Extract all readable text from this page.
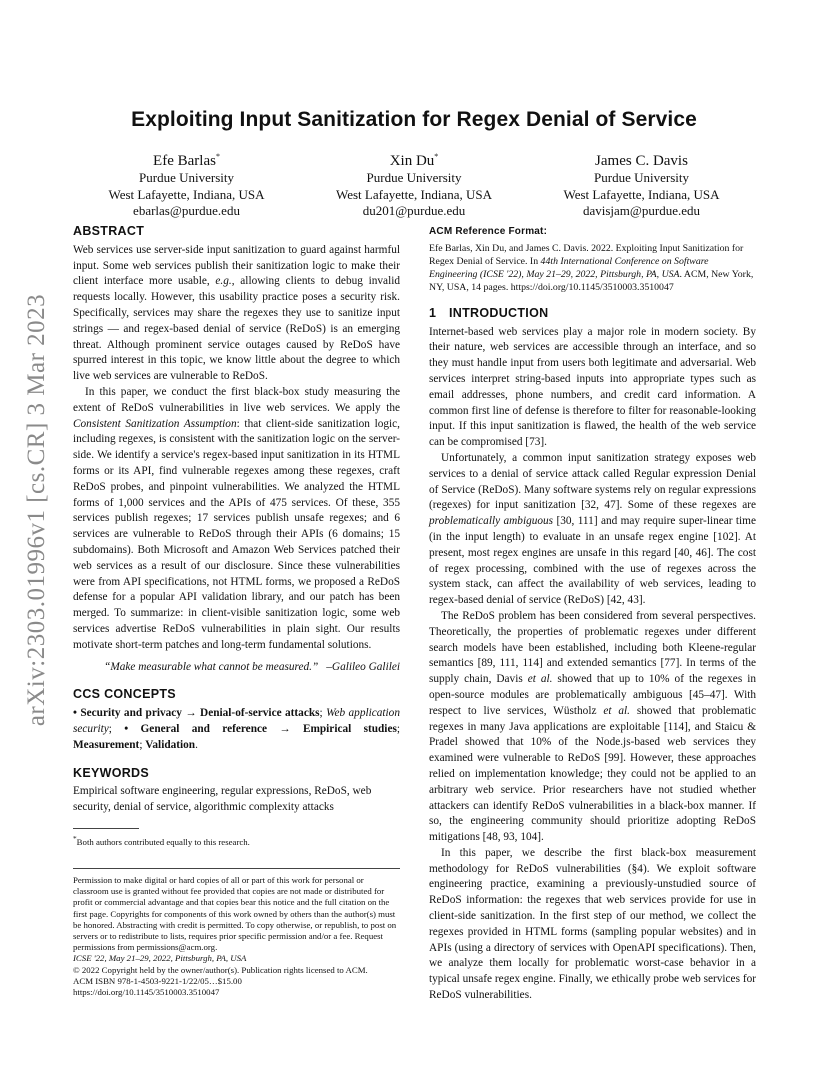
arXiv:2303.01996v1 [cs.CR] 3 Mar 2023
Exploiting Input Sanitization for Regex Denial of Service
Efe Barlas*
Purdue University
West Lafayette, Indiana, USA
ebarlas@purdue.edu
Xin Du*
Purdue University
West Lafayette, Indiana, USA
du201@purdue.edu
James C. Davis
Purdue University
West Lafayette, Indiana, USA
davisjam@purdue.edu
ABSTRACT

Web services use server-side input sanitization to guard against harmful input. Some web services publish their sanitization logic to make their client interface more usable, e.g., allowing clients to debug invalid requests locally. However, this usability practice poses a security risk. Specifically, services may share the regexes they use to sanitize input strings — and regex-based denial of service (ReDoS) is an emerging threat. Although prominent service outages caused by ReDoS have spurred interest in this topic, we know little about the degree to which live web services are vulnerable to ReDoS.

In this paper, we conduct the first black-box study measuring the extent of ReDoS vulnerabilities in live web services. We apply the Consistent Sanitization Assumption: that client-side sanitization logic, including regexes, is consistent with the sanitization logic on the server-side. We identify a service's regex-based input sanitization in its HTML forms or its API, find vulnerable regexes among these regexes, craft ReDoS probes, and pinpoint vulnerabilities. We analyzed the HTML forms of 1,000 services and the APIs of 475 services. Of these, 355 services publish regexes; 17 services publish unsafe regexes; and 6 services are vulnerable to ReDoS through their APIs (6 domains; 15 subdomains). Both Microsoft and Amazon Web Services patched their web services as a result of our disclosure. Since these vulnerabilities were from API specifications, not HTML forms, we proposed a ReDoS defense for a popular API validation library, and our patch has been merged. To summarize: in client-visible sanitization logic, some web services advertise ReDoS vulnerabilities in plain sight. Our results motivate short-term patches and long-term fundamental solutions.

“Make measurable what cannot be measured.” –Galileo Galilei
CCS CONCEPTS

• Security and privacy → Denial-of-service attacks; Web application security; • General and reference → Empirical studies; Measurement; Validation.

KEYWORDS

Empirical software engineering, regular expressions, ReDoS, web security, denial of service, algorithmic complexity attacks

*Both authors contributed equally to this research.
Permission to make digital or hard copies of all or part of this work for personal or classroom use is granted without fee provided that copies are not made or distributed for profit or commercial advantage and that copies bear this notice and the full citation on the first page. Copyrights for components of this work owned by others than the author(s) must be honored. Abstracting with credit is permitted. To copy otherwise, or republish, to post on servers or to redistribute to lists, requires prior specific permission and/or a fee. Request permissions from permissions@acm.org.
ICSE '22, May 21–29, 2022, Pittsburgh, PA, USA
© 2022 Copyright held by the owner/author(s). Publication rights licensed to ACM.
ACM ISBN 978-1-4503-9221-1/22/05…$15.00
https://doi.org/10.1145/3510003.3510047
ACM Reference Format:

Efe Barlas, Xin Du, and James C. Davis. 2022. Exploiting Input Sanitization for Regex Denial of Service. In 44th International Conference on Software Engineering (ICSE '22), May 21–29, 2022, Pittsburgh, PA, USA. ACM, New York, NY, USA, 14 pages. https://doi.org/10.1145/3510003.3510047

1 INTRODUCTION

Internet-based web services play a major role in modern society. By their nature, web services are accessible through an interface, and so they must handle input from users both legitimate and adversarial. Web services interpret string-based inputs into appropriate types such as email addresses, phone numbers, and credit card information. A common first line of defense is therefore to filter for reasonable-looking input. If this input sanitization is flawed, the health of the web service can be compromised [73].

Unfortunately, a common input sanitization strategy exposes web services to a denial of service attack called Regular expression Denial of Service (ReDoS). Many software systems rely on regular expressions (regexes) for input sanitization [32, 47]. Some of these regexes are problematically ambiguous [30, 111] and may require super-linear time (in the input length) to evaluate in an unsafe regex engine [102]. At present, most regex engines are unsafe in this regard [40, 46]. The cost of regex processing, combined with the use of regexes across the system stack, can affect the availability of web services, leading to regex-based denial of service (ReDoS) [42, 43].

The ReDoS problem has been considered from several perspectives. Theoretically, the properties of problematic regexes under different search models have been established, including both Kleene-regular semantics [89, 111, 114] and extended semantics [77]. In terms of the supply chain, Davis et al. showed that up to 10% of the regexes in open-source modules are problematically ambiguous [45–47]. With respect to live services, Wüstholz et al. showed that problematic regexes in many Java applications are exploitable [114], and Staicu & Pradel showed that 10% of the Node.js-based web services they examined were vulnerable to ReDoS [99]. However, these approaches relied on implementation knowledge; they could not be applied to an arbitrary web service. Prior researchers have not studied whether attackers can identify ReDoS vulnerabilities in a black-box manner. If so, the engineering community should prioritize adopting ReDoS mitigations [48, 93, 104].

In this paper, we describe the first black-box measurement methodology for ReDoS vulnerabilities (§4). We exploit software engineering practice, examining a previously-unstudied source of ReDoS information: the regexes that web services provide for use in client-side sanitization. In the first step of our method, we collect the regexes provided in HTML forms (sampling popular websites) and in APIs (using a directory of services with OpenAPI specifications). Then, we analyze them locally for problematic worst-case behavior in a typical unsafe regex engine. Finally, we ethically probe web services for ReDoS vulnerabilities.
